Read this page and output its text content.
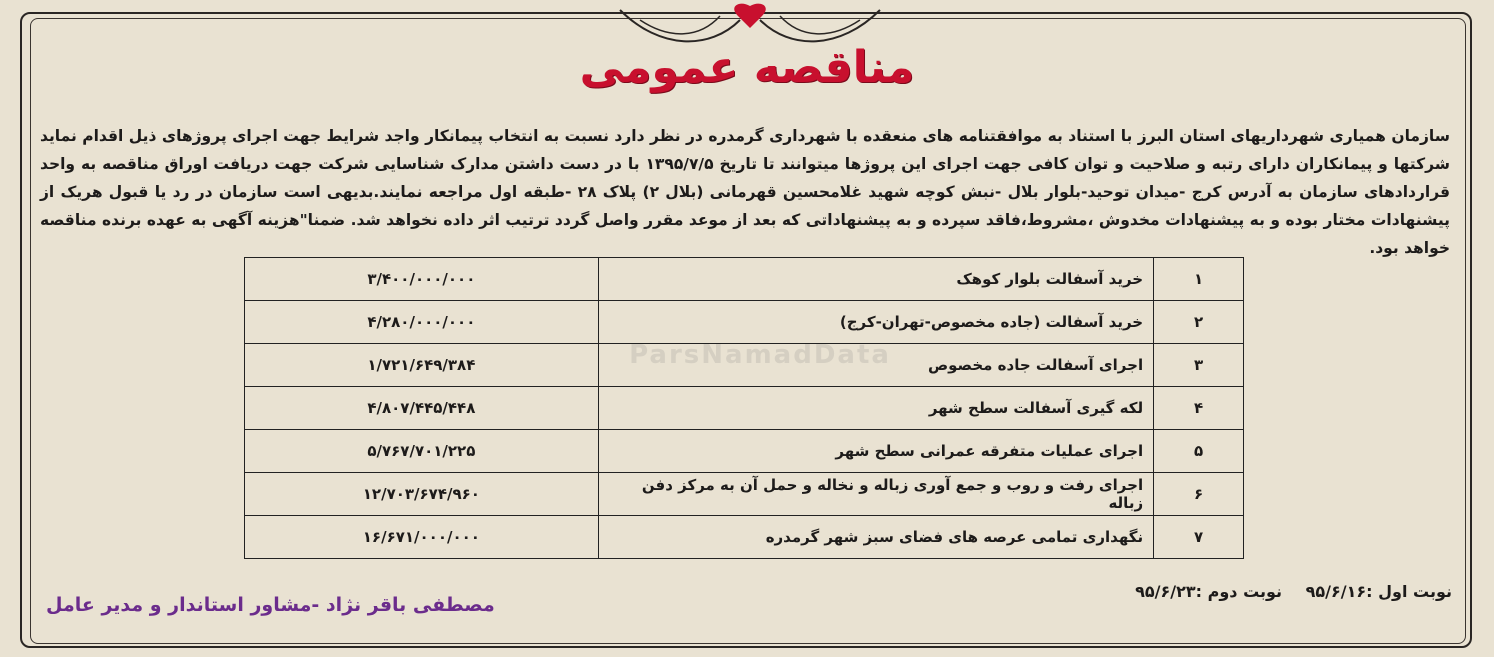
مناقصه عمومی
سازمان همیاری شهرداریهای استان البرز با استناد به موافقتنامه های منعقده با شهرداری گرمدره در نظر دارد نسبت به انتخاب پیمانکار واجد شرایط جهت اجرای پروژهای ذیل اقدام نماید شرکتها و پیمانکاران دارای رتبه و صلاحیت و توان کافی جهت اجرای این پروژها میتوانند تا تاریخ ۱۳۹۵/۷/۵ با در دست داشتن مدارک شناسایی شرکت جهت دریافت اوراق مناقصه به واحد قراردادهای سازمان به آدرس کرج -میدان توحید-بلوار بلال -نبش کوچه شهید غلامحسین قهرمانی (بلال ۲) پلاک ۲۸ -طبقه اول مراجعه نمایند.بدیهی است سازمان در رد یا قبول هریک از پیشنهادات مختار بوده و به پیشنهادات مخدوش ،مشروط،فاقد سپرده و به پیشنهاداتی که بعد از موعد مقرر واصل گردد ترتیب اثر داده نخواهد شد. ضمنا"هزینه آگهی به عهده برنده مناقصه خواهد بود.
ParsNamadData
۱	خرید آسفالت بلوار کوهک	۳/۴۰۰/۰۰۰/۰۰۰
۲	خرید آسفالت (جاده مخصوص-تهران-کرج)	۴/۲۸۰/۰۰۰/۰۰۰
۳	اجرای آسفالت جاده مخصوص	۱/۷۲۱/۶۴۹/۳۸۴
۴	لکه گیری آسفالت سطح شهر	۴/۸۰۷/۴۴۵/۴۴۸
۵	اجرای عملیات متفرقه عمرانی سطح شهر	۵/۷۶۷/۷۰۱/۲۲۵
۶	اجرای رفت و روب و جمع آوری زباله و نخاله و حمل آن به مرکز دفن زباله	۱۲/۷۰۳/۶۷۴/۹۶۰
۷	نگهداری تمامی عرصه های فضای سبز شهر گرمدره	۱۶/۶۷۱/۰۰۰/۰۰۰
نوبت اول :۹۵/۶/۱۶ نوبت دوم :۹۵/۶/۲۳
مصطفی باقر نژاد -مشاور استاندار و مدیر عامل
